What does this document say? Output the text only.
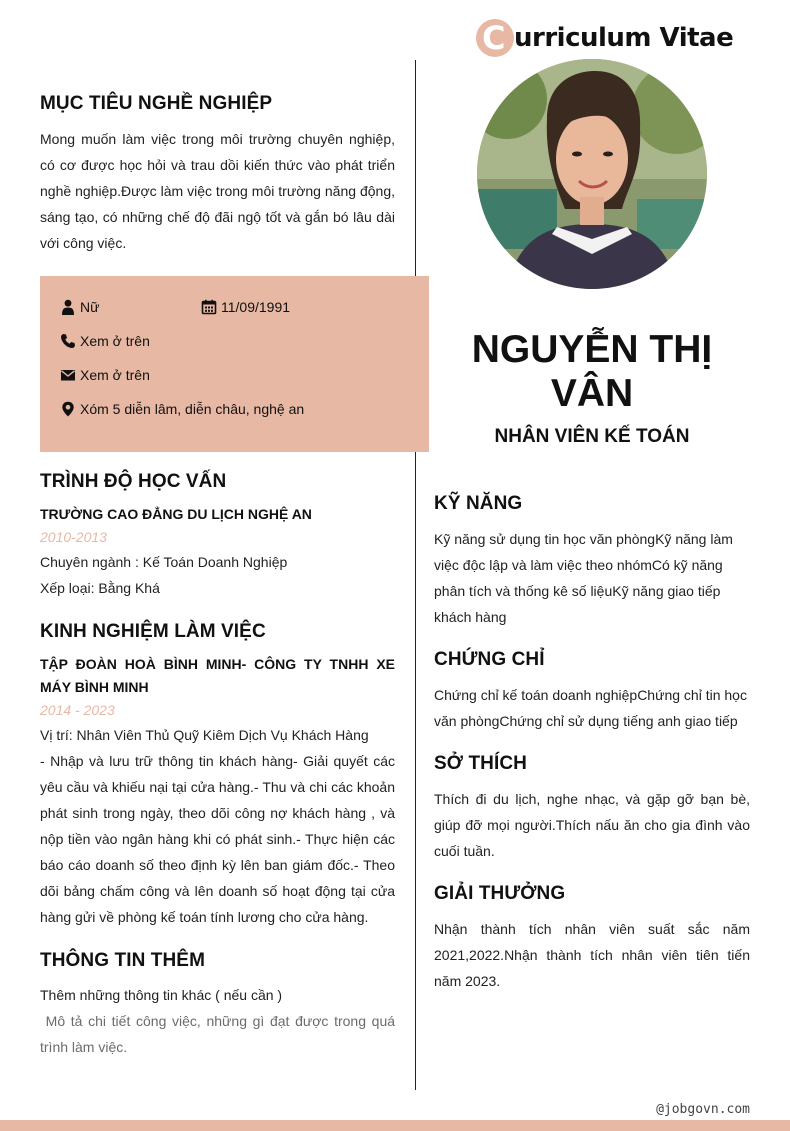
C urriculum Vitae
MỤC TIÊU NGHỀ NGHIỆP
Mong muốn làm việc trong môi trường chuyên nghiệp, có cơ được học hỏi và trau dồi kiến thức vào phát triển nghề nghiệp.Được làm việc trong môi trường năng động, sáng tạo, có những chế độ đãi ngộ tốt và gắn bó lâu dài với công việc.
Nữ	11/09/1991
Xem ở trên
Xem ở trên
Xóm 5 diễn lâm, diễn châu, nghệ an
NGUYỄN THỊ
VÂN
NHÂN VIÊN KẾ TOÁN
TRÌNH ĐỘ HỌC VẤN
TRƯỜNG CAO ĐẲNG DU LỊCH NGHỆ AN
2010-2013
Chuyên ngành : Kế Toán Doanh Nghiệp
Xếp loại: Bằng Khá
KINH NGHIỆM LÀM VIỆC
TẬP ĐOÀN HOÀ BÌNH MINH- CÔNG TY TNHH XE MÁY BÌNH MINH
2014 - 2023
Vị trí: Nhân Viên Thủ Quỹ Kiêm Dịch Vụ Khách Hàng
- Nhập và lưu trữ thông tin khách hàng- Giải quyết các yêu cầu và khiếu nại tại cửa hàng.- Thu và chi các khoản phát sinh trong ngày, theo dõi công nợ khách hàng , và nộp tiền vào ngân hàng khi có phát sinh.- Thực hiện các báo cáo doanh số theo định kỳ lên ban giám đốc.- Theo dõi bảng chấm công và lên doanh số hoạt động tại cửa hàng gửi về phòng kế toán tính lương cho cửa hàng.
THÔNG TIN THÊM
Thêm những thông tin khác ( nếu cần )
Mô tả chi tiết công việc, những gì đạt được trong quá trình làm việc.
KỸ NĂNG
Kỹ năng sử dụng tin học văn phòngKỹ năng làm việc độc lập và làm việc theo nhómCó kỹ năng phân tích và thống kê số liệuKỹ năng giao tiếp khách hàng
CHỨNG CHỈ
Chứng chỉ kế toán doanh nghiệpChứng chỉ tin học văn phòngChứng chỉ sử dụng tiếng anh giao tiếp
SỞ THÍCH
Thích đi du lịch, nghe nhạc, và gặp gỡ bạn bè, giúp đỡ mọi người.Thích nấu ăn cho gia đình vào cuối tuần.
GIẢI THƯỞNG
Nhận thành tích nhân viên suất sắc năm 2021,2022.Nhận thành tích nhân viên tiên tiến năm 2023.
@jobgovn.com
